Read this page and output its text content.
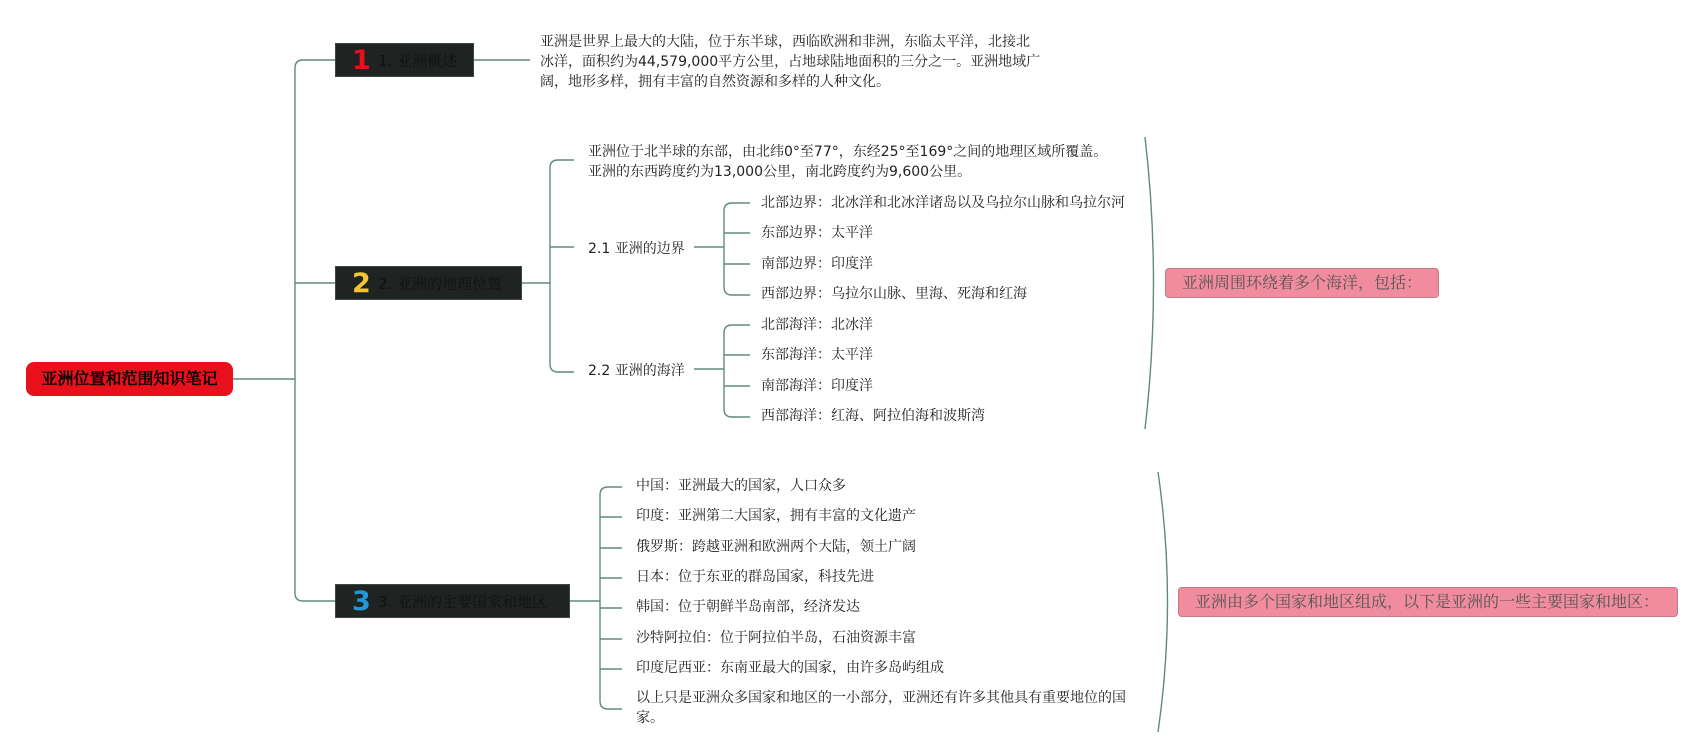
亚洲位置和范围知识笔记
1 1. 亚洲概述
亚洲是世界上最大的大陆，位于东半球，西临欧洲和非洲，东临太平洋，北接北
冰洋，面积约为44,579,000平方公里，占地球陆地面积的三分之一。亚洲地域广
阔，地形多样，拥有丰富的自然资源和多样的人种文化。
2 2. 亚洲的地理位置
亚洲位于北半球的东部，由北纬0°至77°，东经25°至169°之间的地理区域所覆盖。
亚洲的东西跨度约为13,000公里，南北跨度约为9,600公里。
2.1 亚洲的边界
北部边界：北冰洋和北冰洋诸岛以及乌拉尔山脉和乌拉尔河
东部边界：太平洋
南部边界：印度洋
西部边界：乌拉尔山脉、里海、死海和红海
2.2 亚洲的海洋
北部海洋：北冰洋
东部海洋：太平洋
南部海洋：印度洋
西部海洋：红海、阿拉伯海和波斯湾
亚洲周围环绕着多个海洋，包括：
3 3. 亚洲的主要国家和地区
中国：亚洲最大的国家，人口众多
印度：亚洲第二大国家，拥有丰富的文化遗产
俄罗斯：跨越亚洲和欧洲两个大陆，领土广阔
日本：位于东亚的群岛国家，科技先进
韩国：位于朝鲜半岛南部，经济发达
沙特阿拉伯：位于阿拉伯半岛，石油资源丰富
印度尼西亚：东南亚最大的国家，由许多岛屿组成
以上只是亚洲众多国家和地区的一小部分，亚洲还有许多其他具有重要地位的国
家。
亚洲由多个国家和地区组成，以下是亚洲的一些主要国家和地区：
